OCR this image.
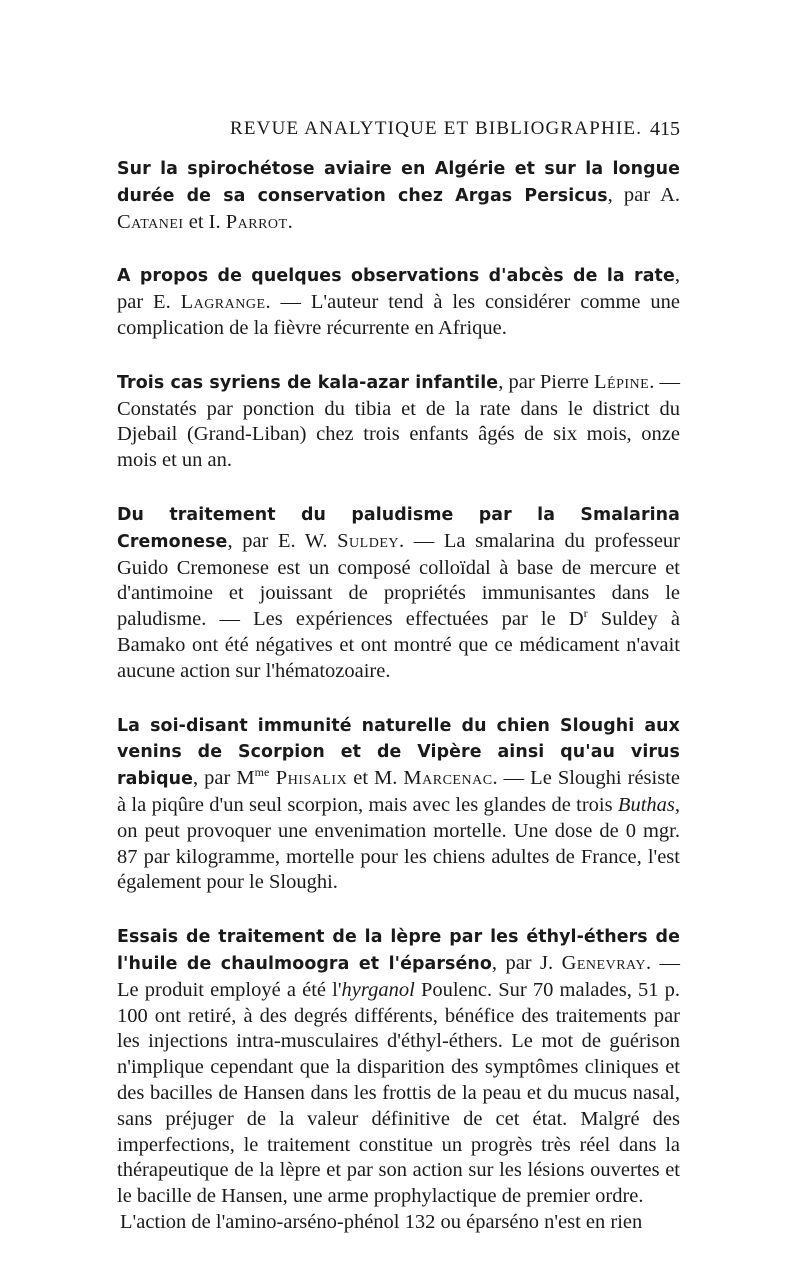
REVUE ANALYTIQUE ET BIBLIOGRAPHIE. 415

Sur la spirochétose aviaire en Algérie et sur la longue durée de sa conservation chez Argas Persicus, par A. Catanei et I. Parrot.

A propos de quelques observations d'abcès de la rate, par E. Lagrange. — L'auteur tend à les considérer comme une complication de la fièvre récurrente en Afrique.

Trois cas syriens de kala-azar infantile, par Pierre Lépine. — Constatés par ponction du tibia et de la rate dans le district du Djebail (Grand-Liban) chez trois enfants âgés de six mois, onze mois et un an.

Du traitement du paludisme par la Smalarina Cremonese, par E. W. Suldey. — La smalarina du professeur Guido Cremonese est un composé colloïdal à base de mercure et d'antimoine et jouissant de propriétés immunisantes dans le paludisme. — Les expériences effectuées par le $D^r$ Suldey à Bamako ont été négatives et ont montré que ce médicament n'avait aucune action sur l'hématozoaire.

La soi-disant immunité naturelle du chien Sloughi aux venins de Scorpion et de Vipère ainsi qu'au virus rabique, par $M^{me}$ Phisalix et M. Marcenac. — Le Sloughi résiste à la piqûre d'un seul scorpion, mais avec les glandes de trois Buthas, on peut provoquer une envenimation mortelle. Une dose de 0 mgr. 87 par kilogramme, mortelle pour les chiens adultes de France, l'est également pour le Sloughi.

Essais de traitement de la lèpre par les éthyl-éthers de l'huile de chaulmoogra et l'éparséno, par J. Genevray. — Le produit employé a été l'hyrganol Poulenc. Sur 70 malades, 51 p. 100 ont retiré, à des degrés différents, bénéfice des traitements par les injections intra-musculaires d'éthyl-éthers. Le mot de guérison n'implique cependant que la disparition des symptômes cliniques et des bacilles de Hansen dans les frottis de la peau et du mucus nasal, sans préjuger de la valeur définitive de cet état. Malgré des imperfections, le traitement constitue un progrès très réel dans la thérapeutique de la lèpre et par son action sur les lésions ouvertes et le bacille de Hansen, une arme prophylactique de premier ordre.

L'action de l'amino-arséno-phénol 132 ou éparséno n'est en rien
